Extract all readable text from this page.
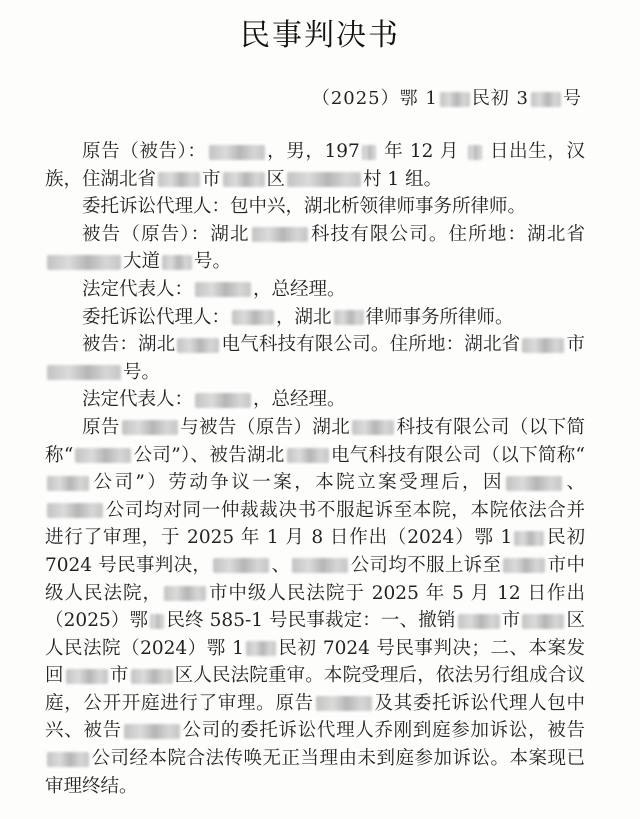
民事判决书
（2025）鄂 1 民初 3 号

原告（被告）：	，男，197 年 12 月  日出生，汉族，住湖北省 市 区	村 1 组。

委托诉讼代理人：包中兴，湖北析领律师事务所律师。

被告（原告）：湖北	科技有限公司。住所地：湖北省大道 号。

法定代表人：	，总经理。

委托诉讼代理人： ，湖北 律师事务所律师。

被告：湖北 电气科技有限公司。住所地：湖北省 市号。

法定代表人：	，总经理。

原告	与被告（原告）湖北 科技有限公司（以下简称“	公司”）、被告湖北 电气科技有限公司（以下简称“公司”）劳动争议一案，本院立案受理后，因	、公司均对同一仲裁裁决书不服起诉至本院，本院依法合并进行了审理，于 2025 年 1 月 8 日作出（2024）鄂 1 民初 7024 号民事判决，	、	公司均不服上诉至 市中级人民法院， 市中级人民法院于 2025 年 5 月 12 日作出（2025）鄂 民终 585-1 号民事裁定：一、撤销 市 区人民法院（2024）鄂 1 民初 7024 号民事判决；二、本案发回 市 区人民法院重审。本院受理后，依法另行组成合议庭，公开开庭进行了审理。原告	及其委托诉讼代理人包中兴、被告	公司的委托诉讼代理人乔刚到庭参加诉讼，被告公司经本院合法传唤无正当理由未到庭参加诉讼。本案现已审理终结。
